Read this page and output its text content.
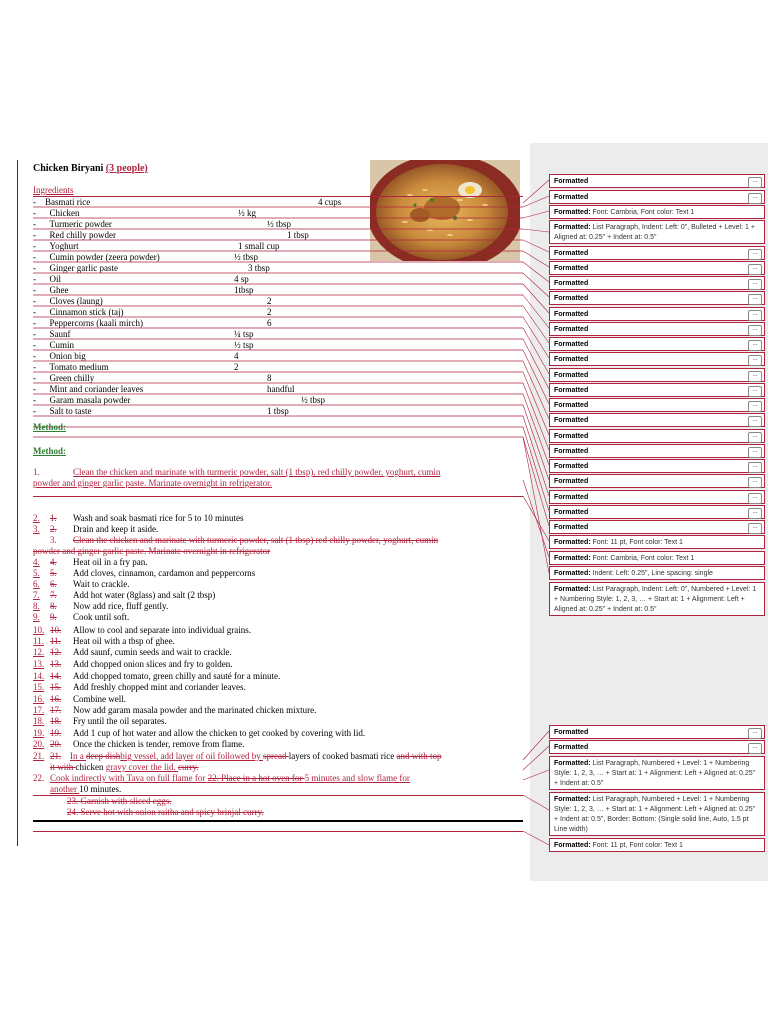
Chicken Biryani (3 people)
Ingredients
-    Basmati rice	4 cups
-      Chicken	½ kg
-      Turmeric powder	½ tbsp
-      Red chilly powder	1 tbsp
-      Yoghurt	1 small cup
-      Cumin powder (zeera powder)	½ tbsp
-      Ginger garlic paste	3 tbsp
-      Oil	4 sp
-      Ghee	1tbsp
-      Cloves (laung)	2
-      Cinnamon stick (taj)	2
-      Peppercorns (kaali mirch)	6
-      Saunf	¼ tsp
-      Cumin	½ tsp
-      Onion big	4
-      Tomato medium	2
-      Green chilly	8
-      Mint and coriander leaves	handful
-      Garam masala powder	½ tbsp
-      Salt to taste	1 tbsp
Method:
Method:
1.	Clean the chicken and marinate with turmeric powder, salt (1 tbsp), red chilly powder, yoghurt, cumin
powder and ginger garlic paste. Marinate overnight in refrigerator.
2. 1. Wash and soak basmati rice for 5 to 10 minutes
3. 2. Drain and keep it aside.
3. Clean the chicken and marinate with turmeric powder, salt (1 tbsp) red chilly powder, yoghurt, cumin
powder and ginger garlic paste. Marinate overnight in refrigerator
4. 4. Heat oil in a fry pan.
5. 5. Add cloves, cinnamon, cardamon and peppercorns
6. 6. Wait to crackle.
7. 7. Add hot water (8glass) and salt (2 tbsp)
8. 8. Now add rice, fluff gently.
9. 9. Cook until soft.
10. 10. Allow to cool and separate into individual grains.
11. 11. Heat oil with a tbsp of ghee.
12. 12. Add saunf, cumin seeds and wait to crackle.
13. 13. Add chopped onion slices and fry to golden.
14. 14. Add chopped tomato, green chilly and sauté for a minute.
15. 15. Add freshly chopped mint and coriander leaves.
16. 16. Combine well.
17. 17. Now add garam masala powder and the marinated chicken mixture.
18. 18. Fry until the oil separates.
19. 19. Add 1 cup of hot water and allow the chicken to get cooked by covering with lid.
20. 20. Once the chicken is tender, remove from flame.
21. 21. In a deep dishbig vessel, add layer of oil followed by spread layers of cooked basmati rice and with top
it with chicken gravy cover the lid. curry.
22. Cook indirectly with Tava on full flame for 22. Place in a hot oven for 5 minutes and slow flame for
another 10 minutes.
23. Garnish with sliced eggs.
24. Serve hot with onion raitha and spicy brinjal curry.
Formatted	...
Formatted	...
Formatted: Font: Cambria, Font color: Text 1
Formatted: List Paragraph, Indent: Left: 0", Bulleted + Level: 1 + Aligned at: 0.25" + Indent at: 0.5"
Formatted	...
Formatted	...
Formatted	...
Formatted	...
Formatted	...
Formatted	...
Formatted	...
Formatted	...
Formatted	...
Formatted	...
Formatted	...
Formatted	...
Formatted	...
Formatted	...
Formatted	...
Formatted	...
Formatted	...
Formatted	...
Formatted	...
Formatted: Font: 11 pt, Font color: Text 1
Formatted: Font: Cambria, Font color: Text 1
Formatted: Indent: Left: 0.25", Line spacing: single
Formatted: List Paragraph, Indent: Left: 0", Numbered + Level: 1 + Numbering Style: 1, 2, 3, … + Start at: 1 + Alignment: Left + Aligned at: 0.25" + Indent at: 0.5"
Formatted	...
Formatted	...
Formatted: List Paragraph, Numbered + Level: 1 + Numbering Style: 1, 2, 3, … + Start at: 1 + Alignment: Left + Aligned at: 0.25" + Indent at: 0.5"
Formatted: List Paragraph, Numbered + Level: 1 + Numbering Style: 1, 2, 3, … + Start at: 1 + Alignment: Left + Aligned at: 0.25" + Indent at: 0.5", Border: Bottom: (Single solid line, Auto, 1.5 pt Line width)
Formatted: Font: 11 pt, Font color: Text 1
